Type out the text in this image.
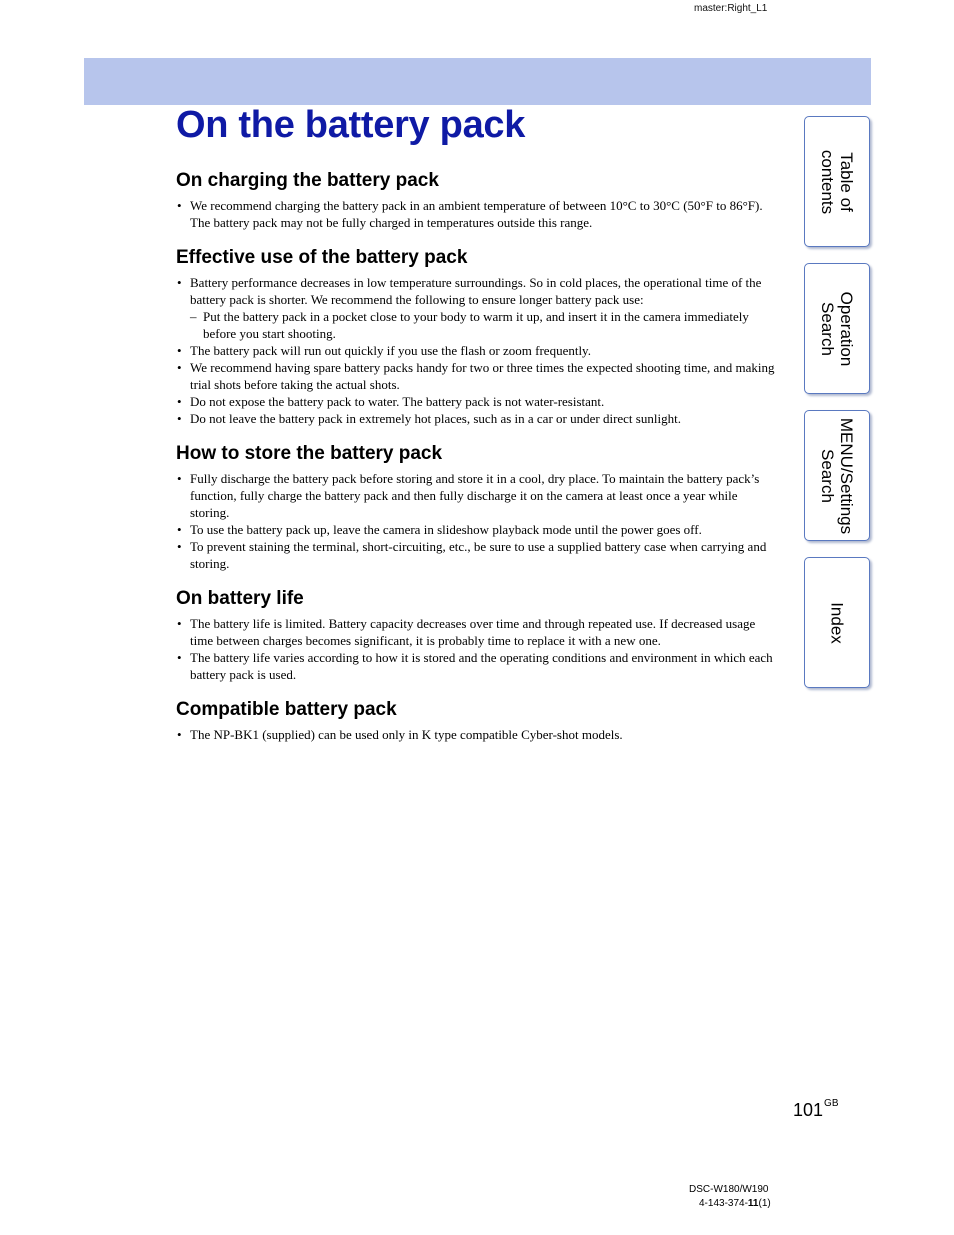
master:Right_L1
On the battery pack
On charging the battery pack
• We recommend charging the battery pack in an ambient temperature of between 10°C to 30°C (50°F to 86°F). The battery pack may not be fully charged in temperatures outside this range.
Effective use of the battery pack
• Battery performance decreases in low temperature surroundings. So in cold places, the operational time of the battery pack is shorter. We recommend the following to ensure longer battery pack use:
– Put the battery pack in a pocket close to your body to warm it up, and insert it in the camera immediately before you start shooting.
• The battery pack will run out quickly if you use the flash or zoom frequently.
• We recommend having spare battery packs handy for two or three times the expected shooting time, and making trial shots before taking the actual shots.
• Do not expose the battery pack to water. The battery pack is not water-resistant.
• Do not leave the battery pack in extremely hot places, such as in a car or under direct sunlight.
How to store the battery pack
• Fully discharge the battery pack before storing and store it in a cool, dry place. To maintain the battery pack’s function, fully charge the battery pack and then fully discharge it on the camera at least once a year while storing.
• To use the battery pack up, leave the camera in slideshow playback mode until the power goes off.
• To prevent staining the terminal, short-circuiting, etc., be sure to use a supplied battery case when carrying and storing.
On battery life
• The battery life is limited. Battery capacity decreases over time and through repeated use. If decreased usage time between charges becomes significant, it is probably time to replace it with a new one.
• The battery life varies according to how it is stored and the operating conditions and environment in which each battery pack is used.
Compatible battery pack
• The NP-BK1 (supplied) can be used only in K type compatible Cyber-shot models.
Table of
contents
Operation
Search
MENU/Settings
Search
Index
$101^{GB}$
DSC-W180/W190
4-143-374-11(1)
